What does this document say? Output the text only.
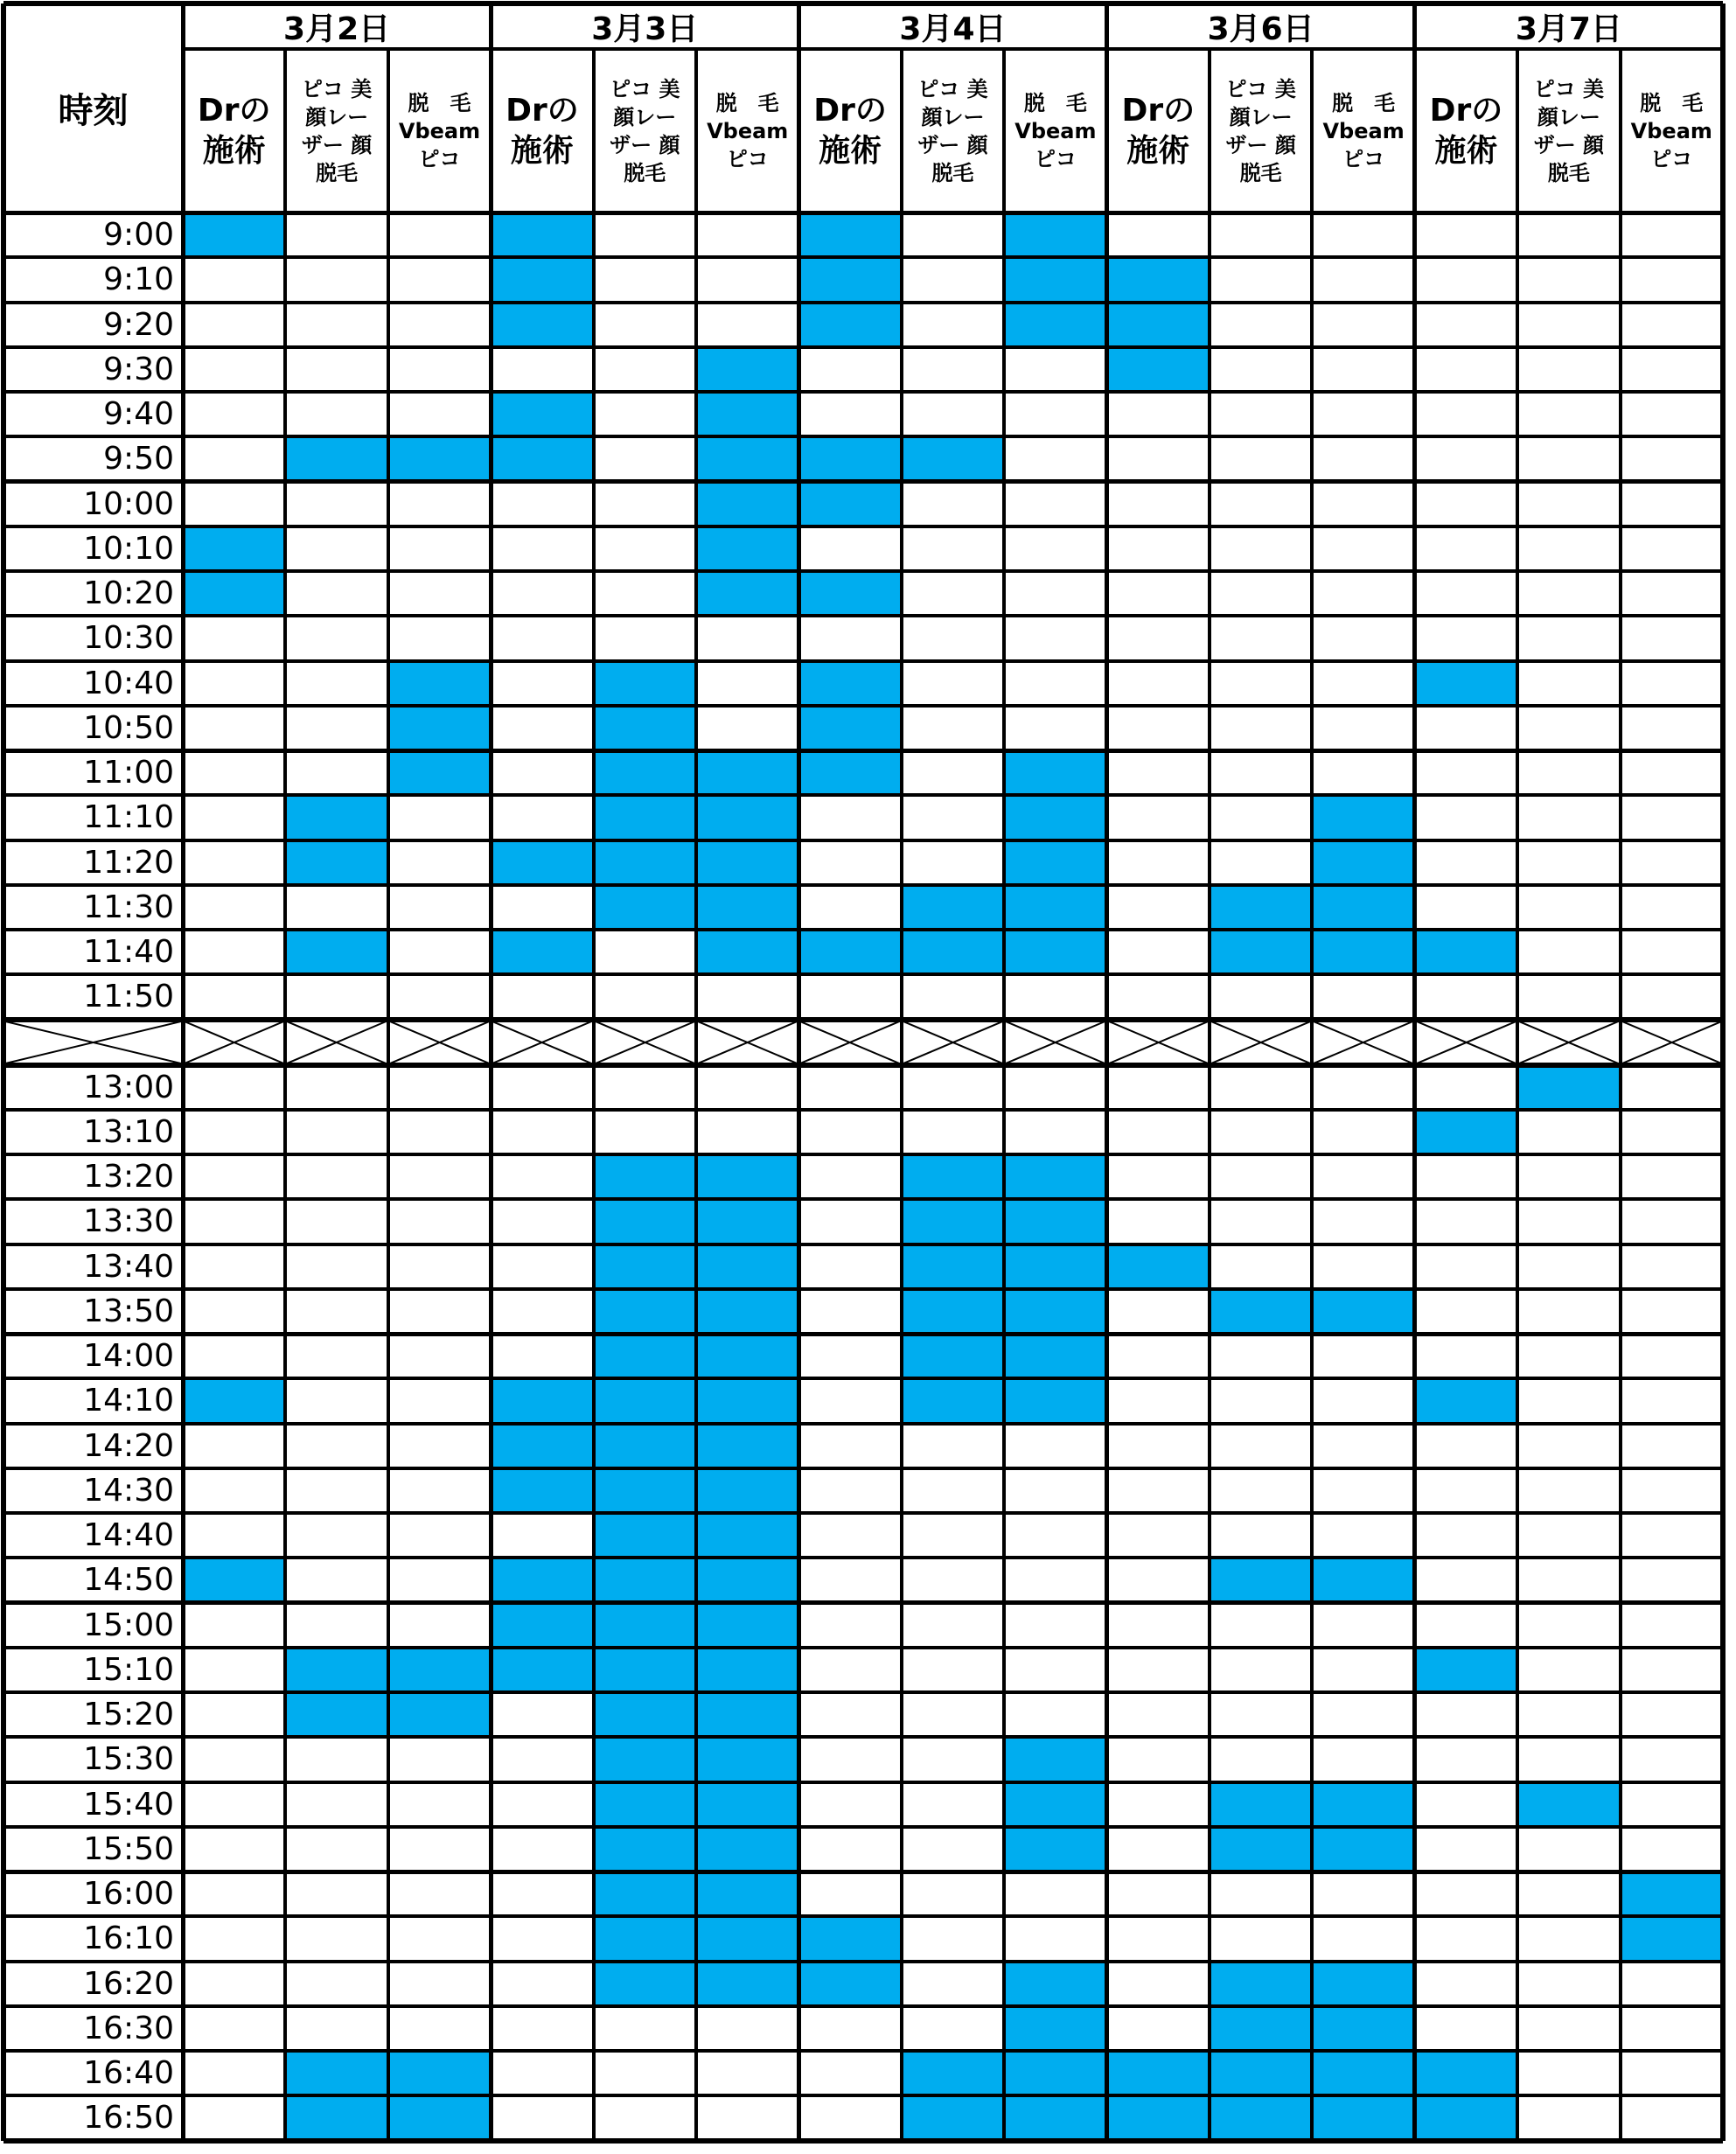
時刻
3月2日
Drの
施術
ピコ 美
顔レー
ザー 顔
脱毛
脱　毛
Vbeam
ピコ
3月3日
Drの
施術
ピコ 美
顔レー
ザー 顔
脱毛
脱　毛
Vbeam
ピコ
3月4日
Drの
施術
ピコ 美
顔レー
ザー 顔
脱毛
脱　毛
Vbeam
ピコ
3月6日
Drの
施術
ピコ 美
顔レー
ザー 顔
脱毛
脱　毛
Vbeam
ピコ
3月7日
Drの
施術
ピコ 美
顔レー
ザー 顔
脱毛
脱　毛
Vbeam
ピコ
9:00
9:10
9:20
9:30
9:40
9:50
10:00
10:10
10:20
10:30
10:40
10:50
11:00
11:10
11:20
11:30
11:40
11:50
13:00
13:10
13:20
13:30
13:40
13:50
14:00
14:10
14:20
14:30
14:40
14:50
15:00
15:10
15:20
15:30
15:40
15:50
16:00
16:10
16:20
16:30
16:40
16:50
